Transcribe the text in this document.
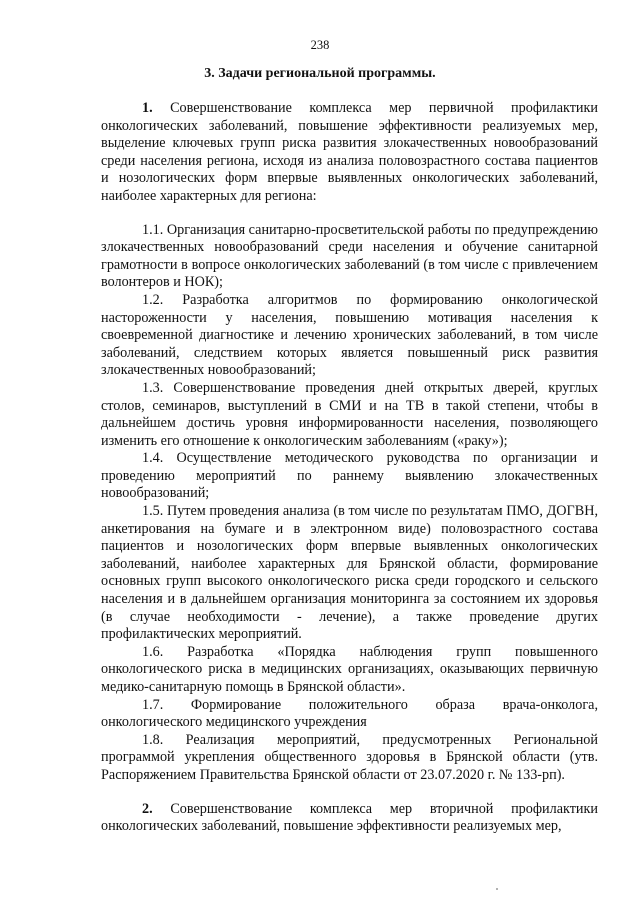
238
3. Задачи региональной программы.

1. Совершенствование комплекса мер первичной профилактики онкологических заболеваний, повышение эффективности реализуемых мер, выделение ключевых групп риска развития злокачественных новообразований среди населения региона, исходя из анализа половозрастного состава пациентов и нозологических форм впервые выявленных онкологических заболеваний, наиболее характерных для региона:

1.1. Организация санитарно-просветительской работы по предупреждению злокачественных новообразований среди населения и обучение санитарной грамотности в вопросе онкологических заболеваний (в том числе с привлечением волонтеров и НОК);

1.2. Разработка алгоритмов по формированию онкологической настороженности у населения, повышению мотивация населения к своевременной диагностике и лечению хронических заболеваний, в том числе заболеваний, следствием которых является повышенный риск развития злокачественных новообразований;

1.3. Совершенствование проведения дней открытых дверей, круглых столов, семинаров, выступлений в СМИ и на ТВ в такой степени, чтобы в дальнейшем достичь уровня информированности населения, позволяющего изменить его отношение к онкологическим заболеваниям («раку»);

1.4. Осуществление методического руководства по организации и проведению мероприятий по раннему выявлению злокачественных новообразований;

1.5. Путем проведения анализа (в том числе по результатам ПМО, ДОГВН, анкетирования на бумаге и в электронном виде) половозрастного состава пациентов и нозологических форм впервые выявленных онкологических заболеваний, наиболее характерных для Брянской области, формирование основных групп высокого онкологического риска среди городского и сельского населения и в дальнейшем организация мониторинга за состоянием их здоровья (в случае необходимости - лечение), а также проведение других профилактических мероприятий.

1.6. Разработка «Порядка наблюдения групп повышенного онкологического риска в медицинских организациях, оказывающих первичную медико-санитарную помощь в Брянской области».

1.7. Формирование положительного образа врача-онколога, онкологического медицинского учреждения

1.8. Реализация мероприятий, предусмотренных Региональной программой укрепления общественного здоровья в Брянской области (утв. Распоряжением Правительства Брянской области от 23.07.2020 г. № 133-рп).

2. Совершенствование комплекса мер вторичной профилактики онкологических заболеваний, повышение эффективности реализуемых мер,
